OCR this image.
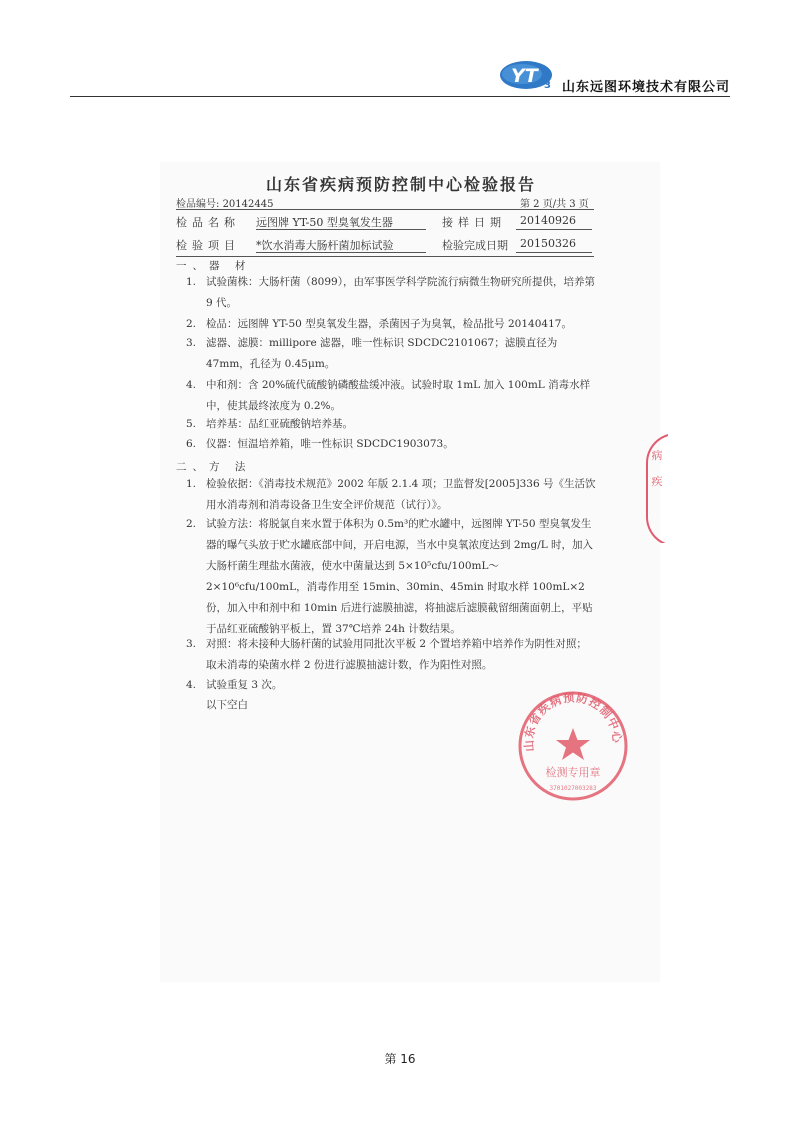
YT 3 山东远图环境技术有限公司
山东省疾病预防控制中心检验报告
检品编号: 20142445	第 2 页/共 3 页
检品名称 远图牌 YT-50 型臭氧发生器	接样日期 20140926
检验项目 *饮水消毒大肠杆菌加标试验	检验完成日期 20150326
一、器 材
1. 试验菌株：大肠杆菌（8099），由军事医学科学院流行病微生物研究所提供，培养第 9 代。
2. 检品：远图牌 YT-50 型臭氧发生器，杀菌因子为臭氧，检品批号 20140417。
3. 滤器、滤膜：millipore 滤器，唯一性标识 SDCDC2101067；滤膜直径为 47mm，孔径为 0.45μm。
4. 中和剂：含 20%硫代硫酸钠磷酸盐缓冲液。试验时取 1mL 加入 100mL 消毒水样中，使其最终浓度为 0.2%。
5. 培养基：品红亚硫酸钠培养基。
6. 仪器：恒温培养箱，唯一性标识 SDCDC1903073。
二、方 法
1. 检验依据：《消毒技术规范》2002 年版 2.1.4 项；卫监督发[2005]336 号《生活饮用水消毒剂和消毒设备卫生安全评价规范（试行）》。
2. 试验方法：将脱氯自来水置于体积为 0.5m³的贮水罐中，远图牌 YT-50 型臭氧发生器的曝气头放于贮水罐底部中间，开启电源，当水中臭氧浓度达到 2mg/L 时，加入大肠杆菌生理盐水菌液，使水中菌量达到 5×10⁵cfu/100mL～2×10⁶cfu/100mL，消毒作用至 15min、30min、45min 时取水样 100mL×2 份，加入中和剂中和 10min 后进行滤膜抽滤，将抽滤后滤膜截留细菌面朝上，平贴于品红亚硫酸钠平板上，置 37℃培养 24h 计数结果。
3. 对照：将未接种大肠杆菌的试验用同批次平板 2 个置培养箱中培养作为阴性对照；取未消毒的染菌水样 2 份进行滤膜抽滤计数，作为阳性对照。
4. 试验重复 3 次。
以下空白
病疾
山东省疾病预防控制中心
检测专用章
3701027003283
第 16
